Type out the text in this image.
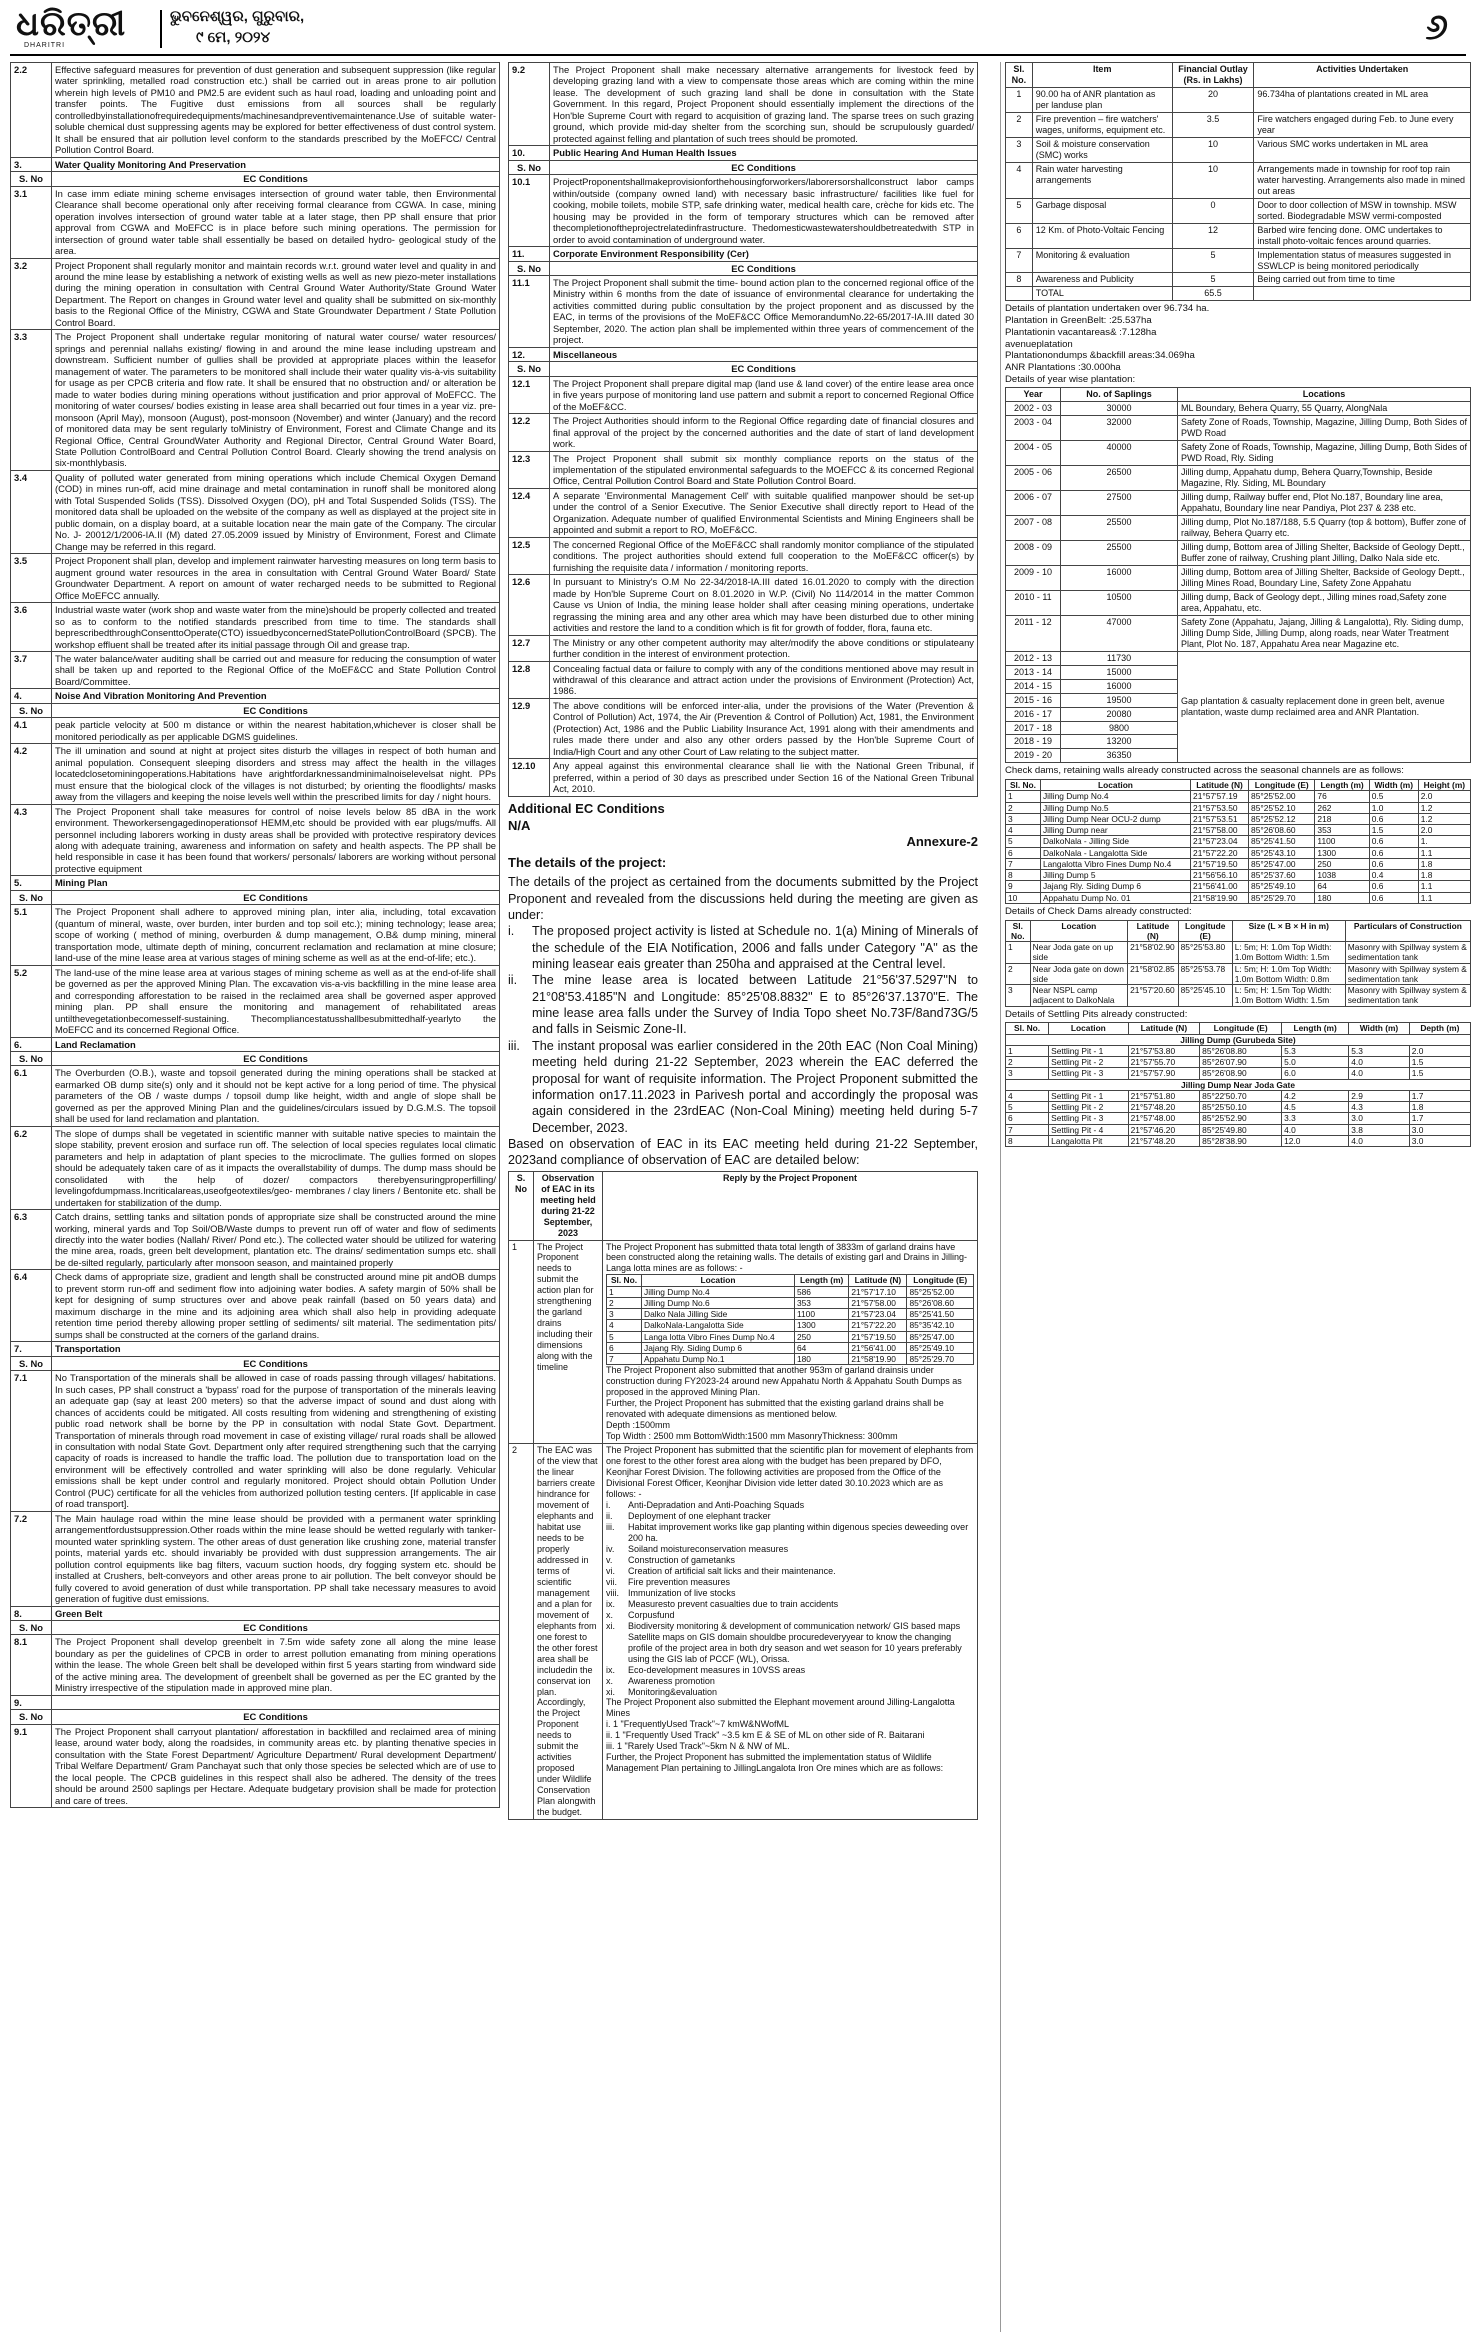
ଧରିତ୍ରୀ
DHARITRI
ଭୁବନେଶ୍ୱର, ଗୁରୁବାର,
୯ ମେ, ୨୦୨୪	୬
2.2	Effective safeguard measures for prevention of dust generation and subsequent suppression (like regular water sprinkling, metalled road construction etc.) shall be carried out in areas prone to air pollution wherein high levels of PM10 and PM2.5 are evident such as haul road, loading and unloading point and transfer points. The Fugitive dust emissions from all sources shall be regularly controlledbyinstallationofrequiredequipments/machinesandpreventivemaintenance.Use of suitable water-soluble chemical dust suppressing agents may be explored for better effectiveness of dust control system. It shall be ensured that air pollution level conform to the standards prescribed by the MoEFCC/ Central Pollution Control Board.
3.	Water Quality Monitoring And Preservation
S. No	EC Conditions
3.1	In case imm ediate mining scheme envisages intersection of ground water table, then Environmental Clearance shall become operational only after receiving formal clearance from CGWA. In case, mining operation involves intersection of ground water table at a later stage, then PP shall ensure that prior approval from CGWA and MoEFCC is in place before such mining operations. The permission for intersection of ground water table shall essentially be based on detailed hydro- geological study of the area.
3.2	Project Proponent shall regularly monitor and maintain records w.r.t. ground water level and quality in and around the mine lease by establishing a network of existing wells as well as new piezo-meter installations during the mining operation in consultation with Central Ground Water Authority/State Ground Water Department. The Report on changes in Ground water level and quality shall be submitted on six-monthly basis to the Regional Office of the Ministry, CGWA and State Groundwater Department / State Pollution Control Board.
3.3	The Project Proponent shall undertake regular monitoring of natural water course/ water resources/ springs and perennial nallahs existing/ flowing in and around the mine lease including upstream and downstream. Sufficient number of gullies shall be provided at appropriate places within the leasefor management of water. The parameters to be monitored shall include their water quality vis-à-vis suitability for usage as per CPCB criteria and flow rate. It shall be ensured that no obstruction and/ or alteration be made to water bodies during mining operations without justification and prior approval of MoEFCC. The monitoring of water courses/ bodies existing in lease area shall becarried out four times in a year viz. pre- monsoon (April May), monsoon (August), post-monsoon (November) and winter (January) and the record of monitored data may be sent regularly toMinistry of Environment, Forest and Climate Change and its Regional Office, Central GroundWater Authority and Regional Director, Central Ground Water Board, State Pollution ControlBoard and Central Pollution Control Board. Clearly showing the trend analysis on six-monthlybasis.
3.4	Quality of polluted water generated from mining operations which include Chemical Oxygen Demand (COD) in mines run-off, acid mine drainage and metal contamination in runoff shall be monitored along with Total Suspended Solids (TSS). Dissolved Oxygen (DO), pH and Total Suspended Solids (TSS). The monitored data shall be uploaded on the website of the company as well as displayed at the project site in public domain, on a display board, at a suitable location near the main gate of the Company. The circular No. J- 20012/1/2006-IA.II (M) dated 27.05.2009 issued by Ministry of Environment, Forest and Climate Change may be referred in this regard.
3.5	Project Proponent shall plan, develop and implement rainwater harvesting measures on long term basis to augment ground water resources in the area in consultation with Central Ground Water Board/ State Groundwater Department. A report on amount of water recharged needs to be submitted to Regional Office MoEFCC annually.
3.6	Industrial waste water (work shop and waste water from the mine)should be properly collected and treated so as to conform to the notified standards prescribed from time to time. The standards shall beprescribedthroughConsenttoOperate(CTO) issuedbyconcernedStatePollutionControlBoard (SPCB). The workshop effluent shall be treated after its initial passage through Oil and grease trap.
3.7	The water balance/water auditing shall be carried out and measure for reducing the consumption of water shall be taken up and reported to the Regional Office of the MoEF&CC and State Pollution Control Board/Committee.
4.	Noise And Vibration Monitoring And Prevention
S. No	EC Conditions
4.1	peak particle velocity at 500 m distance or within the nearest habitation,whichever is closer shall be monitored periodically as per applicable DGMS guidelines.
4.2	The ill umination and sound at night at project sites disturb the villages in respect of both human and animal population. Consequent sleeping disorders and stress may affect the health in the villages locatedclosetominingoperations.Habitations have arightfordarknessandminimalnoiselevelsat night. PPs must ensure that the biological clock of the villages is not disturbed; by orienting the floodlights/ masks away from the villagers and keeping the noise levels well within the prescribed limits for day / night hours.
4.3	The Project Proponent shall take measures for control of noise levels below 85 dBA in the work environment. Theworkersengagedinoperationsof HEMM,etc should be provided with ear plugs/muffs. All personnel including laborers working in dusty areas shall be provided with protective respiratory devices along with adequate training, awareness and information on safety and health aspects. The PP shall be held responsible in case it has been found that workers/ personals/ laborers are working without personal protective equipment
5.	Mining Plan
S. No	EC Conditions
5.1	The Project Proponent shall adhere to approved mining plan, inter alia, including, total excavation (quantum of mineral, waste, over burden, inter burden and top soil etc.); mining technology; lease area; scope of working ( method of mining, overburden & dump management, O.B& dump mining, mineral transportation mode, ultimate depth of mining, concurrent reclamation and reclamation at mine closure; land-use of the mine lease area at various stages of mining scheme as well as at the end-of-life; etc.).
5.2	The land-use of the mine lease area at various stages of mining scheme as well as at the end-of-life shall be governed as per the approved Mining Plan. The excavation vis-a-vis backfilling in the mine lease area and corresponding afforestation to be raised in the reclaimed area shall be governed asper approved mining plan. PP shall ensure the monitoring and management of rehabilitated areas untilthevegetationbecomesself-sustaining. Thecompliancestatusshallbesubmittedhalf-yearlyto the MoEFCC and its concerned Regional Office.
6.	Land Reclamation
S. No	EC Conditions
6.1	The Overburden (O.B.), waste and topsoil generated during the mining operations shall be stacked at earmarked OB dump site(s) only and it should not be kept active for a long period of time. The physical parameters of the OB / waste dumps / topsoil dump like height, width and angle of slope shall be governed as per the approved Mining Plan and the guidelines/circulars issued by D.G.M.S. The topsoil shall be used for land reclamation and plantation.
6.2	The slope of dumps shall be vegetated in scientific manner with suitable native species to maintain the slope stability, prevent erosion and surface run off. The selection of local species regulates local climatic parameters and help in adaptation of plant species to the microclimate. The gullies formed on slopes should be adequately taken care of as it impacts the overallstability of dumps. The dump mass should be consolidated with the help of dozer/ compactors therebyensuringproperfilling/ levelingofdumpmass.Incriticalareas,useofgeotextiles/geo- membranes / clay liners / Bentonite etc. shall be undertaken for stabilization of the dump.
6.3	Catch drains, settling tanks and siltation ponds of appropriate size shall be constructed around the mine working, mineral yards and Top Soil/OB/Waste dumps to prevent run off of water and flow of sediments directly into the water bodies (Nallah/ River/ Pond etc.). The collected water should be utilized for watering the mine area, roads, green belt development, plantation etc. The drains/ sedimentation sumps etc. shall be de-silted regularly, particularly after monsoon season, and maintained properly
6.4	Check dams of appropriate size, gradient and length shall be constructed around mine pit andOB dumps to prevent storm run-off and sediment flow into adjoining water bodies. A safety margin of 50% shall be kept for designing of sump structures over and above peak rainfall (based on 50 years data) and maximum discharge in the mine and its adjoining area which shall also help in providing adequate retention time period thereby allowing proper settling of sediments/ silt material. The sedimentation pits/ sumps shall be constructed at the corners of the garland drains.
7.	Transportation
S. No	EC Conditions
7.1	No Transportation of the minerals shall be allowed in case of roads passing through villages/ habitations. In such cases, PP shall construct a 'bypass' road for the purpose of transportation of the minerals leaving an adequate gap (say at least 200 meters) so that the adverse impact of sound and dust along with chances of accidents could be mitigated. All costs resulting from widening and strengthening of existing public road network shall be borne by the PP in consultation with nodal State Govt. Department. Transportation of minerals through road movement in case of existing village/ rural roads shall be allowed in consultation with nodal State Govt. Department only after required strengthening such that the carrying capacity of roads is increased to handle the traffic load. The pollution due to transportation load on the environment will be effectively controlled and water sprinkling will also be done regularly. Vehicular emissions shall be kept under control and regularly monitored. Project should obtain Pollution Under Control (PUC) certificate for all the vehicles from authorized pollution testing centers. [If applicable in case of road transport].
7.2	The Main haulage road within the mine lease should be provided with a permanent water sprinkling arrangementfordustsuppression.Other roads within the mine lease should be wetted regularly with tanker-mounted water sprinkling system. The other areas of dust generation like crushing zone, material transfer points, material yards etc. should invariably be provided with dust suppression arrangements. The air pollution control equipments like bag filters, vacuum suction hoods, dry fogging system etc. should be installed at Crushers, belt-conveyors and other areas prone to air pollution. The belt conveyor should be fully covered to avoid generation of dust while transportation. PP shall take necessary measures to avoid generation of fugitive dust emissions.
8.	Green Belt
S. No	EC Conditions
8.1	The Project Proponent shall develop greenbelt in 7.5m wide safety zone all along the mine lease boundary as per the guidelines of CPCB in order to arrest pollution emanating from mining operations within the lease. The whole Green belt shall be developed within first 5 years starting from windward side of the active mining area. The development of greenbelt shall be governed as per the EC granted by the Ministry irrespective of the stipulation made in approved mine plan.
9.	
S. No	EC Conditions
9.1	The Project Proponent shall carryout plantation/ afforestation in backfilled and reclaimed area of mining lease, around water body, along the roadsides, in community areas etc. by planting thenative species in consultation with the State Forest Department/ Agriculture Department/ Rural development Department/ Tribal Welfare Department/ Gram Panchayat such that only those species be selected which are of use to the local people. The CPCB guidelines in this respect shall also be adhered. The density of the trees should be around 2500 saplings per Hectare. Adequate budgetary provision shall be made for protection and care of trees.
9.2	The Project Proponent shall make necessary alternative arrangements for livestock feed by developing grazing land with a view to compensate those areas which are coming within the mine lease. The development of such grazing land shall be done in consultation with the State Government. In this regard, Project Proponent should essentially implement the directions of the Hon'ble Supreme Court with regard to acquisition of grazing land. The sparse trees on such grazing ground, which provide mid-day shelter from the scorching sun, should be scrupulously guarded/ protected against felling and plantation of such trees should be promoted.
10.	Public Hearing And Human Health Issues
S. No	EC Conditions
10.1	ProjectProponentshallmakeprovisionforthehousingforworkers/laborersorshallconstruct labor camps within/outside (company owned land) with necessary basic infrastructure/ facilities like fuel for cooking, mobile toilets, mobile STP, safe drinking water, medical health care, crèche for kids etc. The housing may be provided in the form of temporary structures which can be removed after thecompletionoftheprojectrelatedinfrastructure. Thedomesticwastewatershouldbetreatedwith STP in order to avoid contamination of underground water.
11.	Corporate Environment Responsibility (Cer)
S. No	EC Conditions
11.1	The Project Proponent shall submit the time- bound action plan to the concerned regional office of the Ministry within 6 months from the date of issuance of environmental clearance for undertaking the activities committed during public consultation by the project proponent and as discussed by the EAC, in terms of the provisions of the MoEF&CC Office MemorandumNo.22-65/2017-IA.III dated 30 September, 2020. The action plan shall be implemented within three years of commencement of the project.
12.	Miscellaneous
S. No	EC Conditions
12.1	The Project Proponent shall prepare digital map (land use & land cover) of the entire lease area once in five years purpose of monitoring land use pattern and submit a report to concerned Regional Office of the MoEF&CC.
12.2	The Project Authorities should inform to the Regional Office regarding date of financial closures and final approval of the project by the concerned authorities and the date of start of land development work.
12.3	The Project Proponent shall submit six monthly compliance reports on the status of the implementation of the stipulated environmental safeguards to the MOEFCC & its concerned Regional Office, Central Pollution Control Board and State Pollution Control Board.
12.4	A separate 'Environmental Management Cell' with suitable qualified manpower should be set-up under the control of a Senior Executive. The Senior Executive shall directly report to Head of the Organization. Adequate number of qualified Environmental Scientists and Mining Engineers shall be appointed and submit a report to RO, MoEF&CC.
12.5	The concerned Regional Office of the MoEF&CC shall randomly monitor compliance of the stipulated conditions. The project authorities should extend full cooperation to the MoEF&CC officer(s) by furnishing the requisite data / information / monitoring reports.
12.6	In pursuant to Ministry's O.M No 22-34/2018-IA.III dated 16.01.2020 to comply with the direction made by Hon'ble Supreme Court on 8.01.2020 in W.P. (Civil) No 114/2014 in the matter Common Cause vs Union of India, the mining lease holder shall after ceasing mining operations, undertake regrassing the mining area and any other area which may have been disturbed due to other mining activities and restore the land to a condition which is fit for growth of fodder, flora, fauna etc.
12.7	The Ministry or any other competent authority may alter/modify the above conditions or stipulateany further condition in the interest of environment protection.
12.8	Concealing factual data or failure to comply with any of the conditions mentioned above may result in withdrawal of this clearance and attract action under the provisions of Environment (Protection) Act, 1986.
12.9	The above conditions will be enforced inter-alia, under the provisions of the Water (Prevention & Control of Pollution) Act, 1974, the Air (Prevention & Control of Pollution) Act, 1981, the Environment (Protection) Act, 1986 and the Public Liability Insurance Act, 1991 along with their amendments and rules made there under and also any other orders passed by the Hon'ble Supreme Court of India/High Court and any other Court of Law relating to the subject matter.
12.10	Any appeal against this environmental clearance shall lie with the National Green Tribunal, if preferred, within a period of 30 days as prescribed under Section 16 of the National Green Tribunal Act, 2010.
Additional EC Conditions
N/A
Annexure-2
The details of the project:
The details of the project as certained from the documents submitted by the Project Proponent and revealed from the discussions held during the meeting are given as under:
i.	The proposed project activity is listed at Schedule no. 1(a) Mining of Minerals of the schedule of the EIA Notification, 2006 and falls under Category "A" as the mining leasear eais greater than 250ha and appraised at the Central level.
ii.	The mine lease area is located between Latitude 21°56'37.5297"N to 21°08'53.4185"N and Longitude: 85°25'08.8832" E to 85°26'37.1370"E. The mine lease area falls under the Survey of India Topo sheet No.73F/8and73G/5 and falls in Seismic Zone-II.
iii. The instant proposal was earlier considered in the 20th EAC (Non Coal Mining) meeting held during 21-22 September, 2023 wherein the EAC deferred the proposal for want of requisite information. The Project Proponent submitted the information on17.11.2023 in Parivesh portal and accordingly the proposal was again considered in the 23rdEAC (Non-Coal Mining) meeting held during 5-7 December, 2023.
Based on observation of EAC in its EAC meeting held during 21-22 September, 2023and compliance of observation of EAC are detailed below:
S. No	Observation of EAC in its meeting held during 21-22 September, 2023	Reply by the Project Proponent
1	The Project Proponent needs to submit the action plan for strengthening the garland drains including their dimensions along with the timeline	
The Project Proponent has submitted thata total length of 3833m of garland drains have been constructed along the retaining walls. The details of existing garl and Drains in Jilling-Langa lotta mines are as follows: -
Sl. No.	Location	Length (m)	Latitude (N)	Longitude (E)
1	Jilling Dump No.4	586	21°57'17.10	85°25'52.00
2	Jilling Dump No.6	353	21°57'58.00	85°26'08.60
3	Dalko Nala Jilling Side	1100	21°57'23.04	85°25'41.50
4	DalkoNala-Langalotta Side	1300	21°57'22.20	85°35'42.10
5	Langa lotta Vibro Fines Dump No.4	250	21°57'19.50	85°25'47.00
6	Jajang Rly. Siding Dump 6	64	21°56'41.00	85°25'49.10
7	Appahatu Dump No.1	180	21°58'19.90	85°25'29.70
The Project Proponent also submitted that another 953m of garland drainsis under construction during FY2023-24 around new Appahatu North & Appahatu South Dumps as proposed in the approved Mining Plan.
Further, the Project Proponent has submitted that the existing garland drains shall be renovated with adequate dimensions as mentioned below.
Depth :1500mm
Top Width : 2500 mm BottomWidth:1500 mm MasonryThickness: 300mm

2	The EAC was of the view that the linear barriers create hindrance for movement of elephants and habitat use needs to be properly addressed in terms of scientific management and a plan for movement of elephants from one forest to the other forest area shall be includedin the conservat ion plan. Accordingly, the Project Proponent needs to submit the activities proposed under Wildlife Conservation Plan alongwith the budget.	
The Project Proponent has submitted that the scientific plan for movement of elephants from one forest to the other forest area along with the budget has been prepared by DFO, Keonjhar Forest Division. The following activities are proposed from the Office of the Divisional Forest Officer, Keonjhar Division vide letter dated 30.10.2023 which are as follows: -
i.	Anti-Depradation and Anti-Poaching Squads
ii.	Deployment of one elephant tracker
iii.	Habitat improvement works like gap planting within digenous species deweeding over 200 ha.
iv.	Soiland moistureconservation measures
v.	Construction of gametanks
vi.	Creation of artificial salt licks and their maintenance.
vii.	Fire prevention measures
viii.	Immunization of live stocks
ix.	Measuresto prevent casualties due to train accidents
x.	Corpusfund
xi.	Biodiversity monitoring & development of communication network/ GIS based maps Satellite maps on GIS domain shouldbe procuredeveryyear to know the changing profile of the project area in both dry season and wet season for 10 years preferably using the GIS lab of PCCF (WL), Orissa.
ix.	Eco-development measures in 10VSS areas
x.	Awareness promotion
xi.	Monitoring&evaluation
The Project Proponent also submitted the Elephant movement around Jilling-Langalotta Mines
i. 1 "FrequentlyUsed Track"~7 kmW&NWofML
ii. 1 "Frequently Used Track" ~3.5 km E & SE of ML on other side of R. Baitarani
iii. 1 "Rarely Used Track"~5km N & NW of ML.
Further, the Project Proponent has submitted the implementation status of Wildlife Management Plan pertaining to JillingLangalota Iron Ore mines which are as follows:
Sl. No.	Item	Financial Outlay (Rs. in Lakhs)	Activities Undertaken
1	90.00 ha of ANR plantation as per landuse plan	20	96.734ha of plantations created in ML area
2	Fire prevention – fire watchers' wages, uniforms, equipment etc.	3.5	Fire watchers engaged during Feb. to June every year
3	Soil & moisture conservation (SMC) works	10	Various SMC works undertaken in ML area
4	Rain water harvesting arrangements	10	Arrangements made in township for roof top rain water harvesting. Arrangements also made in mined out areas
5	Garbage disposal	0	Door to door collection of MSW in township. MSW sorted. Biodegradable MSW vermi-composted
6	12 Km. of Photo-Voltaic Fencing	12	Barbed wire fencing done. OMC undertakes to install photo-voltaic fences around quarries.
7	Monitoring & evaluation	5	Implementation status of measures suggested in SSWLCP is being monitored periodically
8	Awareness and Publicity	5	Being carried out from time to time
	TOTAL	65.5	
Details of plantation undertaken over 96.734 ha.
Plantation in GreenBelt: :25.537ha
Plantationin vacantareas& :7.128ha
avenueplatation
Plantationondumps &backfill areas:34.069ha
ANR Plantations :30.000ha
Details of year wise plantation:
Year	No. of Saplings	Locations
2002 - 03	30000	ML Boundary, Behera Quarry, 55 Quarry, AlongNala
2003 - 04	32000	Safety Zone of Roads, Township, Magazine, Jilling Dump, Both Sides of PWD Road
2004 - 05	40000	Safety Zone of Roads, Township, Magazine, Jilling Dump, Both Sides of PWD Road, Rly. Siding
2005 - 06	26500	Jilling dump, Appahatu dump, Behera Quarry,Township, Beside Magazine, Rly. Siding, ML Boundary
2006 - 07	27500	Jilling dump, Railway buffer end, Plot No.187, Boundary line area, Appahatu, Boundary line near Pandiya, Plot 237 & 238 etc.
2007 - 08	25500	Jilling dump, Plot No.187/188, 5.5 Quarry (top & bottom), Buffer zone of railway, Behera Quarry etc.
2008 - 09	25500	Jilling dump, Bottom area of Jilling Shelter, Backside of Geology Deptt., Buffer zone of railway, Crushing plant Jilling, Dalko Nala side etc.
2009 - 10	16000	Jilling dump, Bottom area of Jilling Shelter, Backside of Geology Deptt., Jilling Mines Road, Boundary Line, Safety Zone Appahatu
2010 - 11	10500	Jilling dump, Back of Geology dept., Jilling mines road,Safety zone area, Appahatu, etc.
2011 - 12	47000	Safety Zone (Appahatu, Jajang, Jilling & Langalotta), Rly. Siding dump, Jilling Dump Side, Jilling Dump, along roads, near Water Treatment Plant, Plot No. 187, Appahatu Area near Magazine etc.
2012 - 13	11730	Gap plantation & casualty replacement done in green belt, avenue plantation, waste dump reclaimed area and ANR Plantation.
2013 - 14	15000	
2014 - 15	16000	
2015 - 16	19500	
2016 - 17	20080	
2017 - 18	9800	
2018 - 19	13200	
2019 - 20	36350	
Check dams, retaining walls already constructed across the seasonal channels are as follows:
Sl. No.	Location	Latitude (N)	Longitude (E)	Length (m)	Width (m)	Height (m)
1	Jilling Dump No.4	21°57'57.19	85°25'52.00	76	0.5	2.0
2	Jilling Dump No.5	21°57'53.50	85°25'52.10	262	1.0	1.2
3	Jilling Dump Near OCU-2 dump	21°57'53.51	85°25'52.12	218	0.6	1.2
4	Jilling Dump near	21°57'58.00	85°26'08.60	353	1.5	2.0
5	DalkoNala - Jilling Side	21°57'23.04	85°25'41.50	1100	0.6	1.
6	DalkoNala - Langalotta Side	21°57'22.20	85°25'43.10	1300	0.6	1.1
7	Langalotta Vibro Fines Dump No.4	21°57'19.50	85°25'47.00	250	0.6	1.8
8	Jilling Dump 5	21°56'56.10	85°25'37.60	1038	0.4	1.8
9	Jajang Rly. Siding Dump 6	21°56'41.00	85°25'49.10	64	0.6	1.1
10	Appahatu Dump No. 01	21°58'19.90	85°25'29.70	180	0.6	1.1
Details of Check Dams already constructed:
Sl. No.	Location	Latitude (N)	Longitude (E)	Size (L × B × H in m)	Particulars of Construction
1	Near Joda gate on up side	21°58'02.90	85°25'53.80	L: 5m; H: 1.0m Top Width: 1.0m Bottom Width: 1.5m	Masonry with Spillway system & sedimentation tank
2	Near Joda gate on down side	21°58'02.85	85°25'53.78	L: 5m; H: 1.0m Top Width: 1.0m Bottom Width: 0.8m	Masonry with Spillway system & sedimentation tank
3	Near NSPL camp adjacent to DalkoNala	21°57'20.60	85°25'45.10	L: 5m; H: 1.5m Top Width: 1.0m Bottom Width: 1.5m	Masonry with Spillway system & sedimentation tank
Details of Settling Pits already constructed:
Sl. No.	Location	Latitude (N)	Longitude (E)	Length (m)	Width (m)	Depth (m)
Jilling Dump (Gurubeda Site)						
1	Settling Pit - 1	21°57'53.80	85°26'08.80	5.3	5.3	2.0
2	Settling Pit - 2	21°57'55.70	85°26'07.90	5.0	4.0	1.5
3	Settling Pit - 3	21°57'57.90	85°26'08.90	6.0	4.0	1.5
Jilling Dump Near Joda Gate						
4	Settling Pit - 1	21°57'51.80	85°22'50.70	4.2	2.9	1.7
5	Settling Pit - 2	21°57'48.20	85°25'50.10	4.5	4.3	1.8
6	Settling Pit - 3	21°57'48.00	85°25'52.90	3.3	3.0	1.7
7	Settling Pit - 4	21°57'46.20	85°25'49.80	4.0	3.8	3.0
8	Langalotta Pit	21°57'48.20	85°28'38.90	12.0	4.0	3.0
